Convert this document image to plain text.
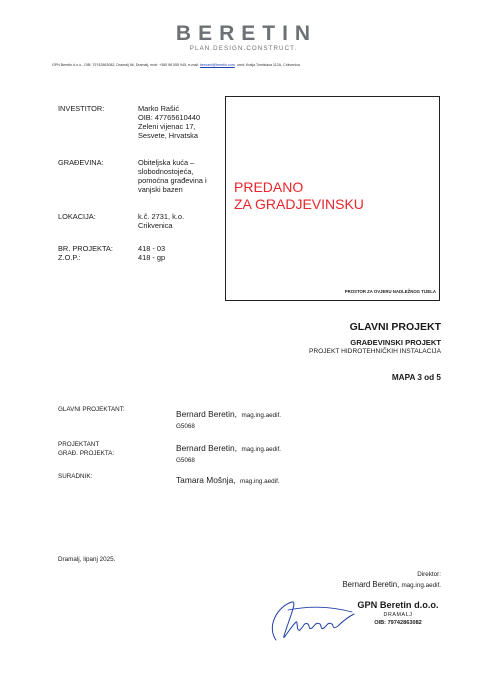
BERETIN
PLAN.DESIGN.CONSTRUCT.
GPN Beretin d.o.o., OIB: 79742863082, Dramalj 66, Dramalj, mob: +385 98 555 945, e-mail: bernard@beretin.com, ured: Kralja Tomislava 112A, Crikvenica
INVESTITOR:	Marko Rašić
OIB: 47765610440
Zeleni vijenac 17,
Sesvete, Hrvatska
GRAĐEVINA:	Obiteljska kuća –
slobodnostojeća,
pomoćna građevina i
vanjski bazen
LOKACIJA:	k.č. 2731, k.o.
Crikvenica
BR. PROJEKTA:	418 - 03
Z.O.P.:	418 - gp
PREDANO
ZA GRADJEVINSKU
PROSTOR ZA OVJERU NADLEŽNOG TIJELA
GLAVNI PROJEKT
GRAĐEVINSKI PROJEKT
PROJEKT HIDROTEHNIČKIH INSTALACIJA
MAPA 3 od 5
GLAVNI PROJEKTANT:	Bernard Beretin, mag.ing.aedif.
G5068
PROJEKTANT
GRAĐ. PROJEKTA:
Bernard Beretin, mag.ing.aedif.
G5068
SURADNIK:	Tamara Mošnja, mag.ing.aedif.
Dramalj, lipanj 2025.
Direktor:
Bernard Beretin, mag.ing.aedif.
GPN Beretin d.o.o.
DRAMALJ
OIB: 79742863082
